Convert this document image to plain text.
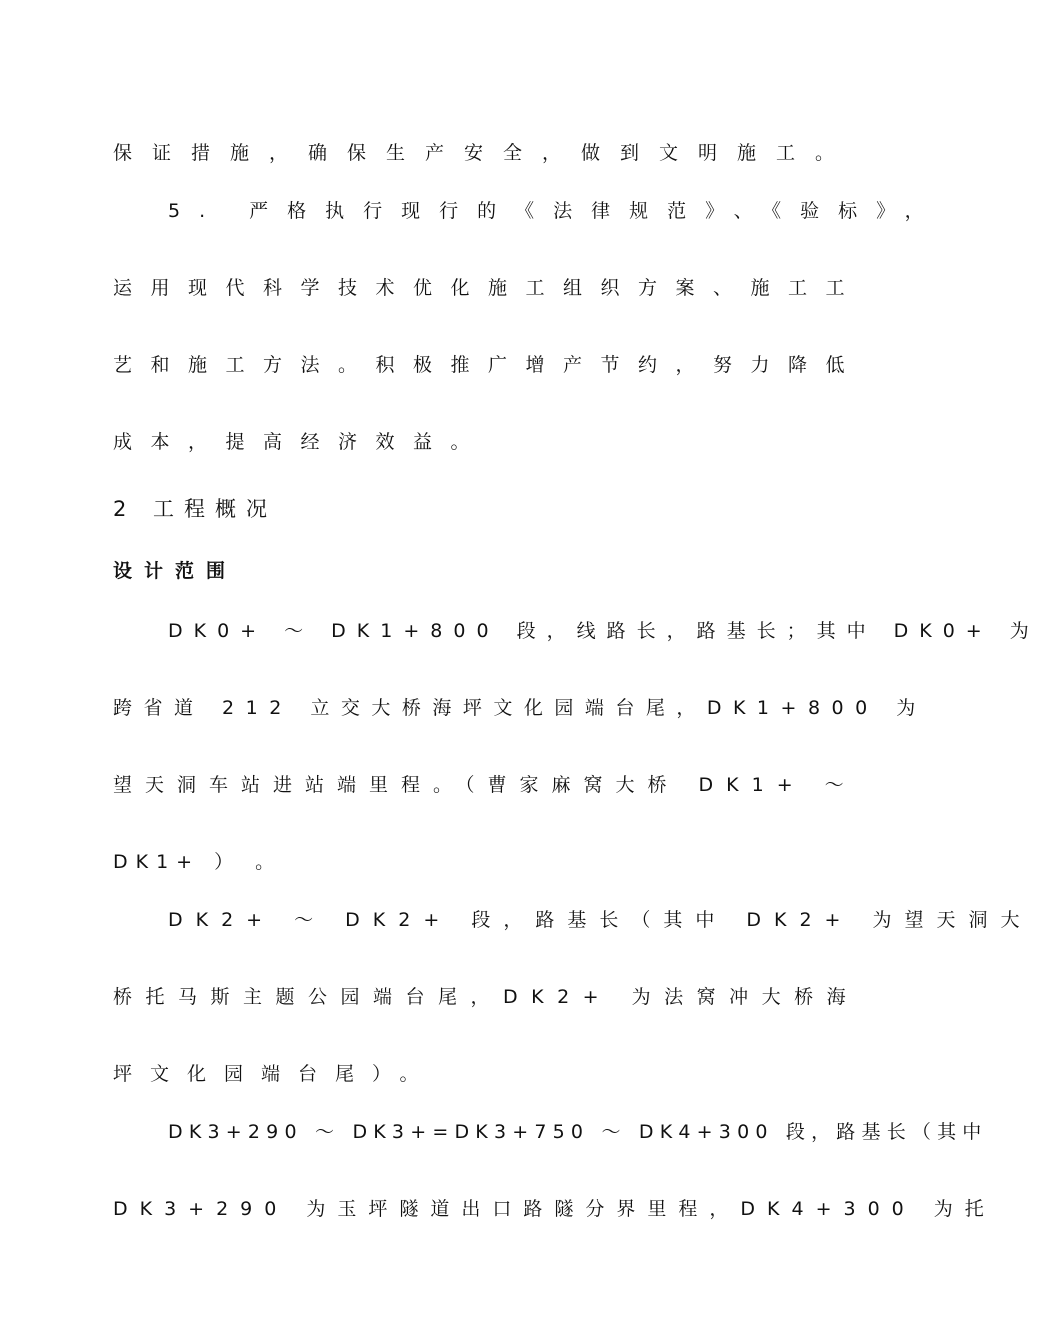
保证措施，确保生产安全，做到文明施工。
5. 严格执行现行的《法律规范》、《验标》，
运用现代科学技术优化施工组织方案、施工工
艺和施工方法。积极推广增产节约，努力降低
成本，提高经济效益。
2 工程概况
设计范围
DK0+ ～ DK1+800 段，线路长，路基长；其中 DK0+ 为
跨省道 212 立交大桥海坪文化园端台尾，DK1+800 为
望天洞车站进站端里程。（曹家麻窝大桥 DK1+ ～
DK1+ ） 。
DK2+ ～ DK2+ 段，路基长（其中 DK2+ 为望天洞大
桥托马斯主题公园端台尾，DK2+ 为法窝冲大桥海
坪文化园端台尾）。
DK3+290 ～ DK3+=DK3+750 ～ DK4+300 段，路基长（其中
DK3+290 为玉坪隧道出口路隧分界里程，DK4+300 为托
